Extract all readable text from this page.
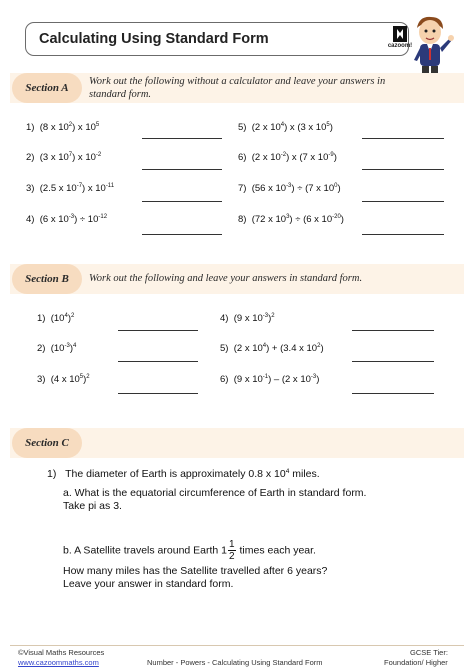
Calculating Using Standard Form	cazoom!
Section A
Work out the following without a calculator and leave your answers in standard form.
1) (8 x $10^2$) x $10^5$
2) (3 x $10^7$) x $10^{-2}$
3) (2.5 x $10^{-7}$) x $10^{-11}$
4) (6 x $10^{-3}) \div 10^{-12}$
5) (2 x $10^4$) x (3 x $10^5$)
6) (2 x $10^{-2}$) x (7 x $10^{-9}$)
7) (56 x $10^{-3}) \div (7$ x $10^0$)
8) (72 x $10^3) \div (6$ x $10^{-20}$)
Section B	Work out the following and leave your answers in standard form.
1) $(10^4)^2$
2) $(10^{-3})^4$
3) (4 x $10^5)^2$
4) (9 x $10^{-3})^2$
5) (2 x $10^4) + (3.4$ x $10^2$)
6) (9 x $10^{-1}) - (2$ x $10^{-3}$)
Section C
1) The diameter of Earth is approximately 0.8 x $10^4$ miles.
a. What is the equatorial circumference of Earth in standard form.
Take pi as 3.
b. A Satellite travels around Earth $1 \frac{1}{2}$ times each year.
How many miles has the Satellite travelled after 6 years?
Leave your answer in standard form.
©Visual Maths Resources
www.cazoommaths.com	Number - Powers - Calculating Using Standard Form
GCSE Tier:
Foundation/ Higher
